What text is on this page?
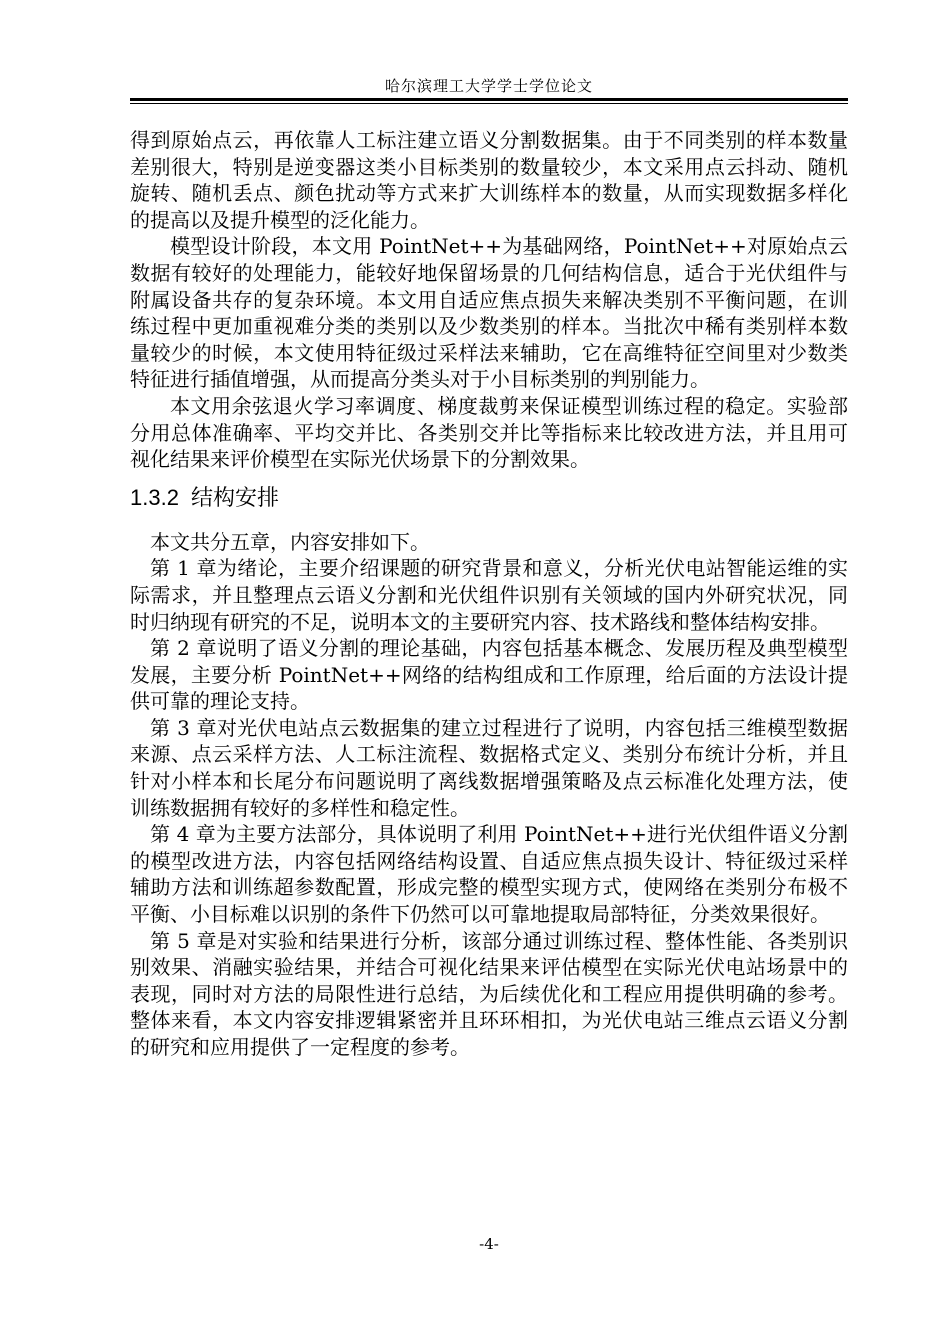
哈尔滨理工大学学士学位论文

得到原始点云，再依靠人工标注建立语义分割数据集。由于不同类别的样本数量差别很大，特别是逆变器这类小目标类别的数量较少，本文采用点云抖动、随机旋转、随机丢点、颜色扰动等方式来扩大训练样本的数量，从而实现数据多样化的提高以及提升模型的泛化能力。

模型设计阶段，本文用 PointNet++为基础网络，PointNet++对原始点云数据有较好的处理能力，能较好地保留场景的几何结构信息，适合于光伏组件与附属设备共存的复杂环境。本文用自适应焦点损失来解决类别不平衡问题，在训练过程中更加重视难分类的类别以及少数类别的样本。当批次中稀有类别样本数量较少的时候，本文使用特征级过采样法来辅助，它在高维特征空间里对少数类特征进行插值增强，从而提高分类头对于小目标类别的判别能力。

本文用余弦退火学习率调度、梯度裁剪来保证模型训练过程的稳定。实验部分用总体准确率、平均交并比、各类别交并比等指标来比较改进方法，并且用可视化结果来评价模型在实际光伏场景下的分割效果。

1.3.2 结构安排

本文共分五章，内容安排如下。

第 1 章为绪论，主要介绍课题的研究背景和意义，分析光伏电站智能运维的实际需求，并且整理点云语义分割和光伏组件识别有关领域的国内外研究状况，同时归纳现有研究的不足，说明本文的主要研究内容、技术路线和整体结构安排。

第 2 章说明了语义分割的理论基础，内容包括基本概念、发展历程及典型模型发展，主要分析 PointNet++网络的结构组成和工作原理，给后面的方法设计提供可靠的理论支持。

第 3 章对光伏电站点云数据集的建立过程进行了说明，内容包括三维模型数据来源、点云采样方法、人工标注流程、数据格式定义、类别分布统计分析，并且针对小样本和长尾分布问题说明了离线数据增强策略及点云标准化处理方法，使训练数据拥有较好的多样性和稳定性。

第 4 章为主要方法部分，具体说明了利用 PointNet++进行光伏组件语义分割的模型改进方法，内容包括网络结构设置、自适应焦点损失设计、特征级过采样辅助方法和训练超参数配置，形成完整的模型实现方式，使网络在类别分布极不平衡、小目标难以识别的条件下仍然可以可靠地提取局部特征，分类效果很好。

第 5 章是对实验和结果进行分析，该部分通过训练过程、整体性能、各类别识别效果、消融实验结果，并结合可视化结果来评估模型在实际光伏电站场景中的表现，同时对方法的局限性进行总结，为后续优化和工程应用提供明确的参考。整体来看，本文内容安排逻辑紧密并且环环相扣，为光伏电站三维点云语义分割的研究和应用提供了一定程度的参考。

-4-
